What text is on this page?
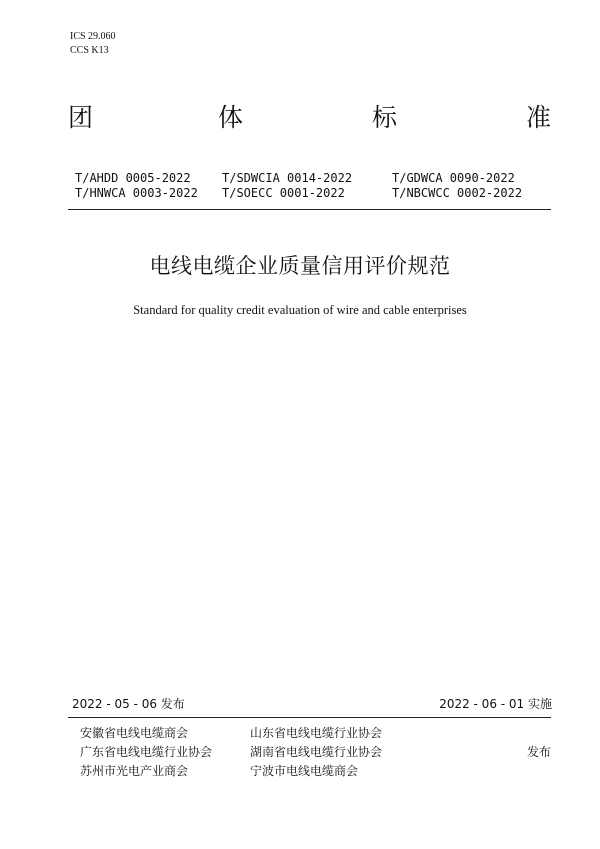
ICS 29.060
CCS K13
团	体	标	准
T/AHDD 0005-2022	T/SDWCIA 0014-2022	T/GDWCA 0090-2022
T/HNWCA 0003-2022 T/SOECC 0001-2022	T/NBCWCC 0002-2022
电线电缆企业质量信用评价规范
Standard for quality credit evaluation of wire and cable enterprises
2022 - 05 - 06 发布	2022 - 06 - 01 实施
安徽省电线电缆商会	山东省电线电缆行业协会
广东省电线电缆行业协会	湖南省电线电缆行业协会
苏州市光电产业商会	宁波市电线电缆商会
发布
